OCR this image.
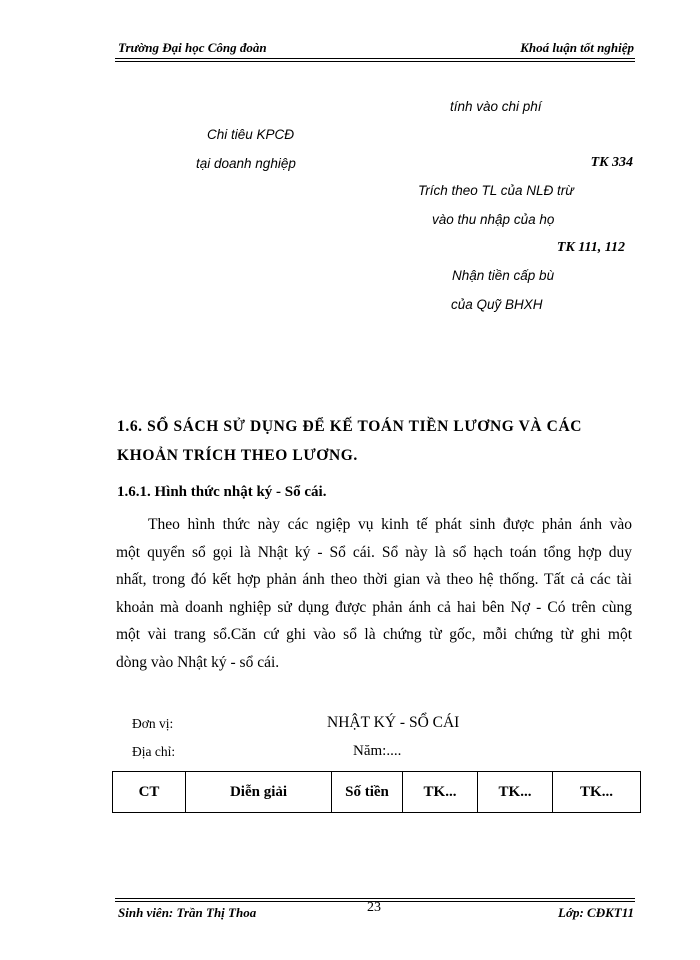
Trường Đại học Công đoàn	Khoá luận tốt nghiệp
tính vào chi phí
Chi tiêu KPCĐ
tại doanh nghiệp	TK 334
Trích theo TL của NLĐ trừ
vào thu nhập của họ
TK 111, 112
Nhận tiền cấp bù
của Quỹ BHXH
1.6. SỔ SÁCH SỬ DỤNG ĐỂ KẾ TOÁN TIỀN LƯƠNG VÀ CÁC
KHOẢN TRÍCH THEO LƯƠNG.
1.6.1. Hình thức nhật ký - Sổ cái.
Theo hình thức này các ngiệp vụ kinh tế phát sinh được phản ánh vào
một quyển sổ gọi là Nhật ký - Sổ cái. Sổ này là sổ hạch toán tổng hợp duy
nhất, trong đó kết hợp phản ánh theo thời gian và theo hệ thống. Tất cả các tài
khoản mà doanh nghiệp sử dụng được phản ánh cả hai bên Nợ - Có trên cùng
một vài trang sổ.Căn cứ ghi vào sổ là chứng từ gốc, mỗi chứng từ ghi một
dòng vào Nhật ký - sổ cái.
Đơn vị:	NHẬT KÝ - SỔ CÁI
Địa chỉ:	Năm:....
CT	Diễn giải	Số tiền	TK...	TK...	TK...
Sinh viên: Trần Thị Thoa	23	Lớp: CĐKT11
